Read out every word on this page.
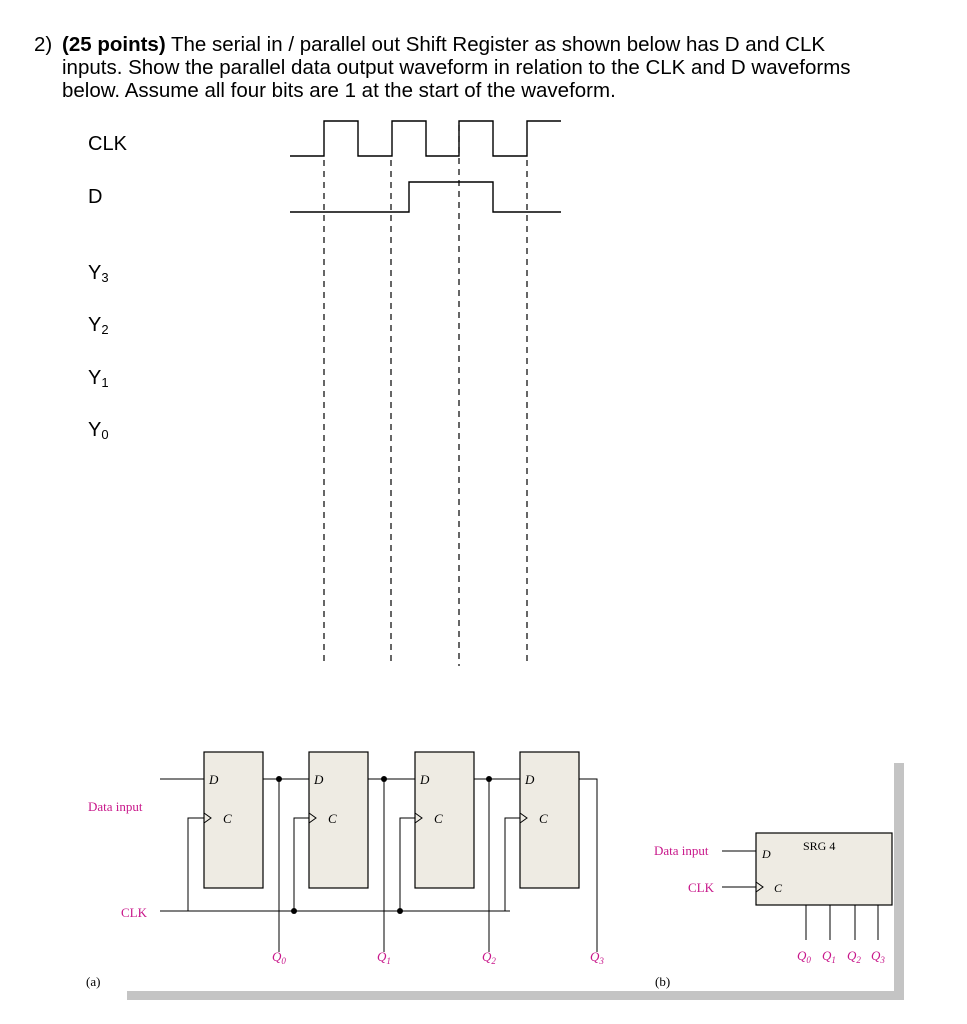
2) (25 points) The serial in / parallel out Shift Register as shown below has D and CLK
inputs. Show the parallel data output waveform in relation to the CLK and D waveforms
below. Assume all four bits are 1 at the start of the waveform.
CLK
D
$Y_3$
$Y_2$
$Y_1$
$Y_0$
Data input
CLK
(a)
D
C
D
C
D
C
D
C
$Q_0$	$Q_1$	$Q_2$	$Q_3$
Data input
CLK
(b)
SRG 4
D
C
$Q_0$ $Q_1$ $Q_2$ $Q_3$
